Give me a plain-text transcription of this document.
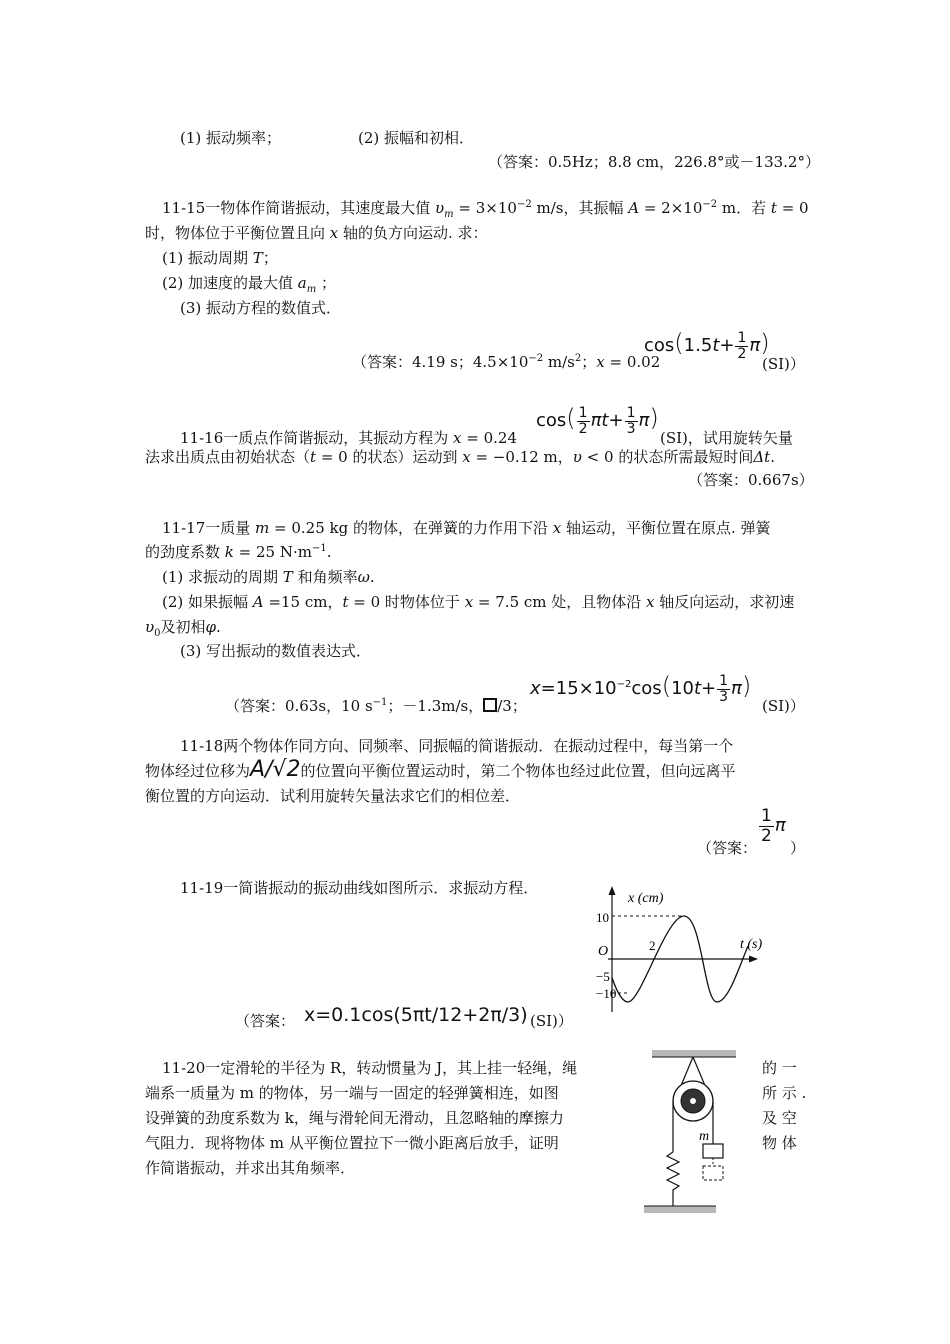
(1) 振动频率；	(2) 振幅和初相．
（答案：0.5Hz；8.8 cm，226.8°或－133.2°）
11-15一物体作简谐振动，其速度最大值 $\upsilon_m = 3\times 10^{-2}$ m/s，其振幅 $A = 2\times 10^{-2}$ m．若 t = 0
时，物体位于平衡位置且向 x 轴的负方向运动. 求：
(1) 振动周期 T；
(2) 加速度的最大值 $a_m$ ；
(3) 振动方程的数值式．
$\cos(1.5t+ \frac{1}{2} \pi)$
（答案：4.19 s；$4.5\times 10^{-2}$ $m/s^2$；x = 0.02	(SI)）
11-16一质点作简谐振动，其振动方程为 x = 0.24
$\cos( \frac{1}{2} \pi t+ \frac{1}{3} \pi)$
(SI)，试用旋转矢量
法求出质点由初始状态（t = 0 的状态）运动到 x = −0.12 m，υ < 0 的状态所需最短时间Δt.
（答案：0.667s）
11-17一质量 m = 0.25 kg 的物体，在弹簧的力作用下沿 x 轴运动，平衡位置在原点. 弹簧
的劲度系数 k = 25 $N\cdot m^{-1}$.
(1) 求振动的周期 T 和角频率ω.
(2) 如果振幅 A =15 cm，t = 0 时物体位于 x = 7.5 cm 处，且物体沿 x 轴反向运动，求初速
$\upsilon_0$及初相φ.
(3) 写出振动的数值表达式．
$x=15\times 10^{-2}\cos(10t+ \frac{1}{3} \pi)$
（答案：0.63s，10 $s^{-1}$；－1.3m/s， /3；	(SI)）
11-18两个物体作同方向、同频率、同振幅的简谐振动．在振动过程中，每当第一个
物体经过位移为A/√2的位置向平衡位置运动时，第二个物体也经过此位置，但向远离平
衡位置的方向运动．试利用旋转矢量法求它们的相位差．
$\frac{1}{2}$ π
（答案： ）
11-19一简谐振动的振动曲线如图所示．求振动方程．
x (cm)
t (s)
10
O
−5
−10
2
（答案： x=0.1cos(5πt/12+2π/3) (SI)）
11-20一定滑轮的半径为 R，转动惯量为 J，其上挂一轻绳，绳
端系一质量为 m 的物体，另一端与一固定的轻弹簧相连，如图
设弹簧的劲度系数为 k，绳与滑轮间无滑动，且忽略轴的摩擦力
气阻力．现将物体 m 从平衡位置拉下一微小距离后放手，证明
作简谐振动，并求出其角频率．
的 一
所 示 .
及 空
物 体
m
